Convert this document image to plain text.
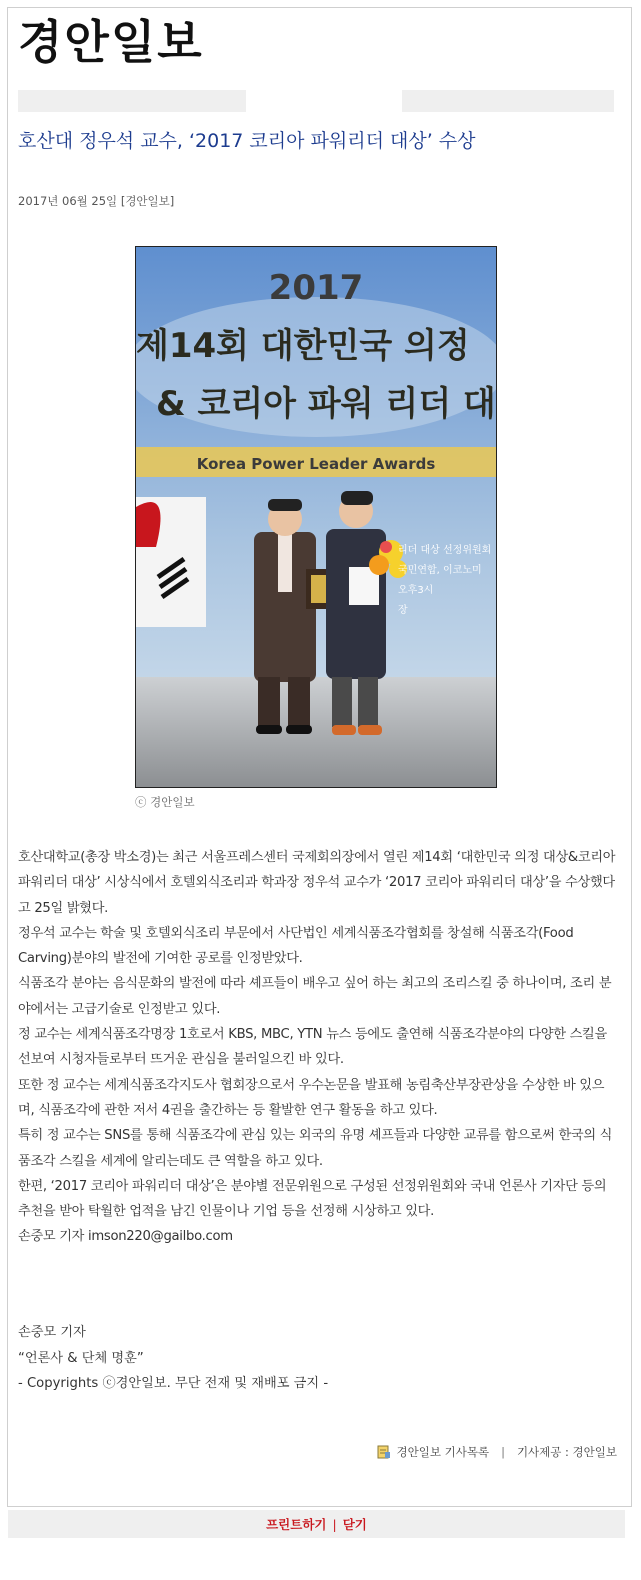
경안일보
호산대 정우석 교수, ‘2017 코리아 파워리더 대상’ 수상
2017년 06월 25일 [경안일보]
2017
제14회 대한민국 의정
& 코리아 파워 리더 대
Korea Power Leader Awards
리더 대상 선정위원회
국민연합, 이코노미
오후3시
장
ⓒ 경안일보

호산대학교(총장 박소경)는 최근 서울프레스센터 국제회의장에서 열린 제14회 ‘대한민국 의정 대상&코리아 파워리더 대상’ 시상식에서 호텔외식조리과 학과장 정우석 교수가 ‘2017 코리아 파워리더 대상’을 수상했다고 25일 밝혔다.

정우석 교수는 학술 및 호텔외식조리 부문에서 사단법인 세계식품조각협회를 창설해 식품조각(Food Carving)분야의 발전에 기여한 공로를 인정받았다.

식품조각 분야는 음식문화의 발전에 따라 셰프들이 배우고 싶어 하는 최고의 조리스킬 중 하나이며, 조리 분야에서는 고급기술로 인정받고 있다.

정 교수는 세계식품조각명장 1호로서 KBS, MBC, YTN 뉴스 등에도 출연해 식품조각분야의 다양한 스킬을 선보여 시청자들로부터 뜨거운 관심을 불러일으킨 바 있다.

또한 정 교수는 세계식품조각지도사 협회장으로서 우수논문을 발표해 농림축산부장관상을 수상한 바 있으며, 식품조각에 관한 저서 4권을 출간하는 등 활발한 연구 활동을 하고 있다.

특히 정 교수는 SNS를 통해 식품조각에 관심 있는 외국의 유명 셰프들과 다양한 교류를 함으로써 한국의 식품조각 스킬을 세계에 알리는데도 큰 역할을 하고 있다.

한편, ‘2017 코리아 파워리더 대상’은 분야별 전문위원으로 구성된 선정위원회와 국내 언론사 기자단 등의 추천을 받아 탁월한 업적을 남긴 인물이나 기업 등을 선정해 시상하고 있다.

손중모 기자 imson220@gailbo.com

손중모 기자

“언론사 & 단체 명훈”

- Copyrights ⓒ경안일보. 무단 전재 및 재배포 금지 -

경안일보 기사목록 | 기사제공 : 경안일보
프린트하기 | 닫기
